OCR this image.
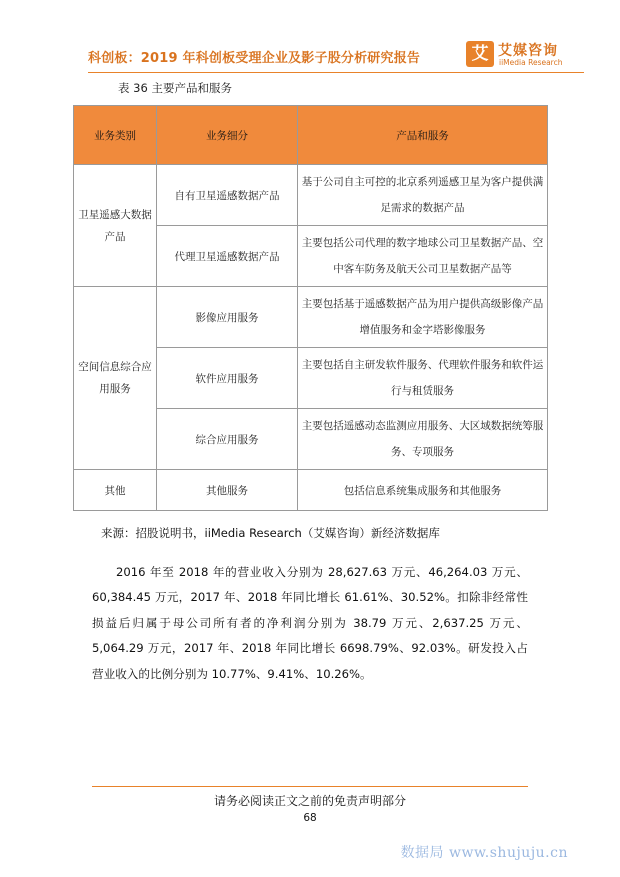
科创板：2019 年科创板受理企业及影子股分析研究报告	艾 艾媒咨询
iiMedia Research
表 36 主要产品和服务
业务类别	业务细分	产品和服务
卫星遥感大数据产品	自有卫星遥感数据产品	基于公司自主可控的北京系列遥感卫星为客户提供满足需求的数据产品
	代理卫星遥感数据产品	主要包括公司代理的数字地球公司卫星数据产品、空中客车防务及航天公司卫星数据产品等
空间信息综合应用服务	影像应用服务	主要包括基于遥感数据产品为用户提供高级影像产品增值服务和金字塔影像服务
	软件应用服务	主要包括自主研发软件服务、代理软件服务和软件运行与租赁服务
	综合应用服务	主要包括遥感动态监测应用服务、大区域数据统筹服务、专项服务
其他	其他服务	包括信息系统集成服务和其他服务
来源：招股说明书，iiMedia Research（艾媒咨询）新经济数据库
2016 年至 2018 年的营业收入分别为 28,627.63 万元、46,264.03 万元、60,384.45 万元，2017 年、2018 年同比增长 61.61%、30.52%。扣除非经常性损益后归属于母公司所有者的净利润分别为 38.79 万元、2,637.25 万元、5,064.29 万元，2017 年、2018 年同比增长 6698.79%、92.03%。研发投入占营业收入的比例分别为 10.77%、9.41%、10.26%。
请务必阅读正文之前的免责声明部分
68
数据局 www.shujuju.cn
